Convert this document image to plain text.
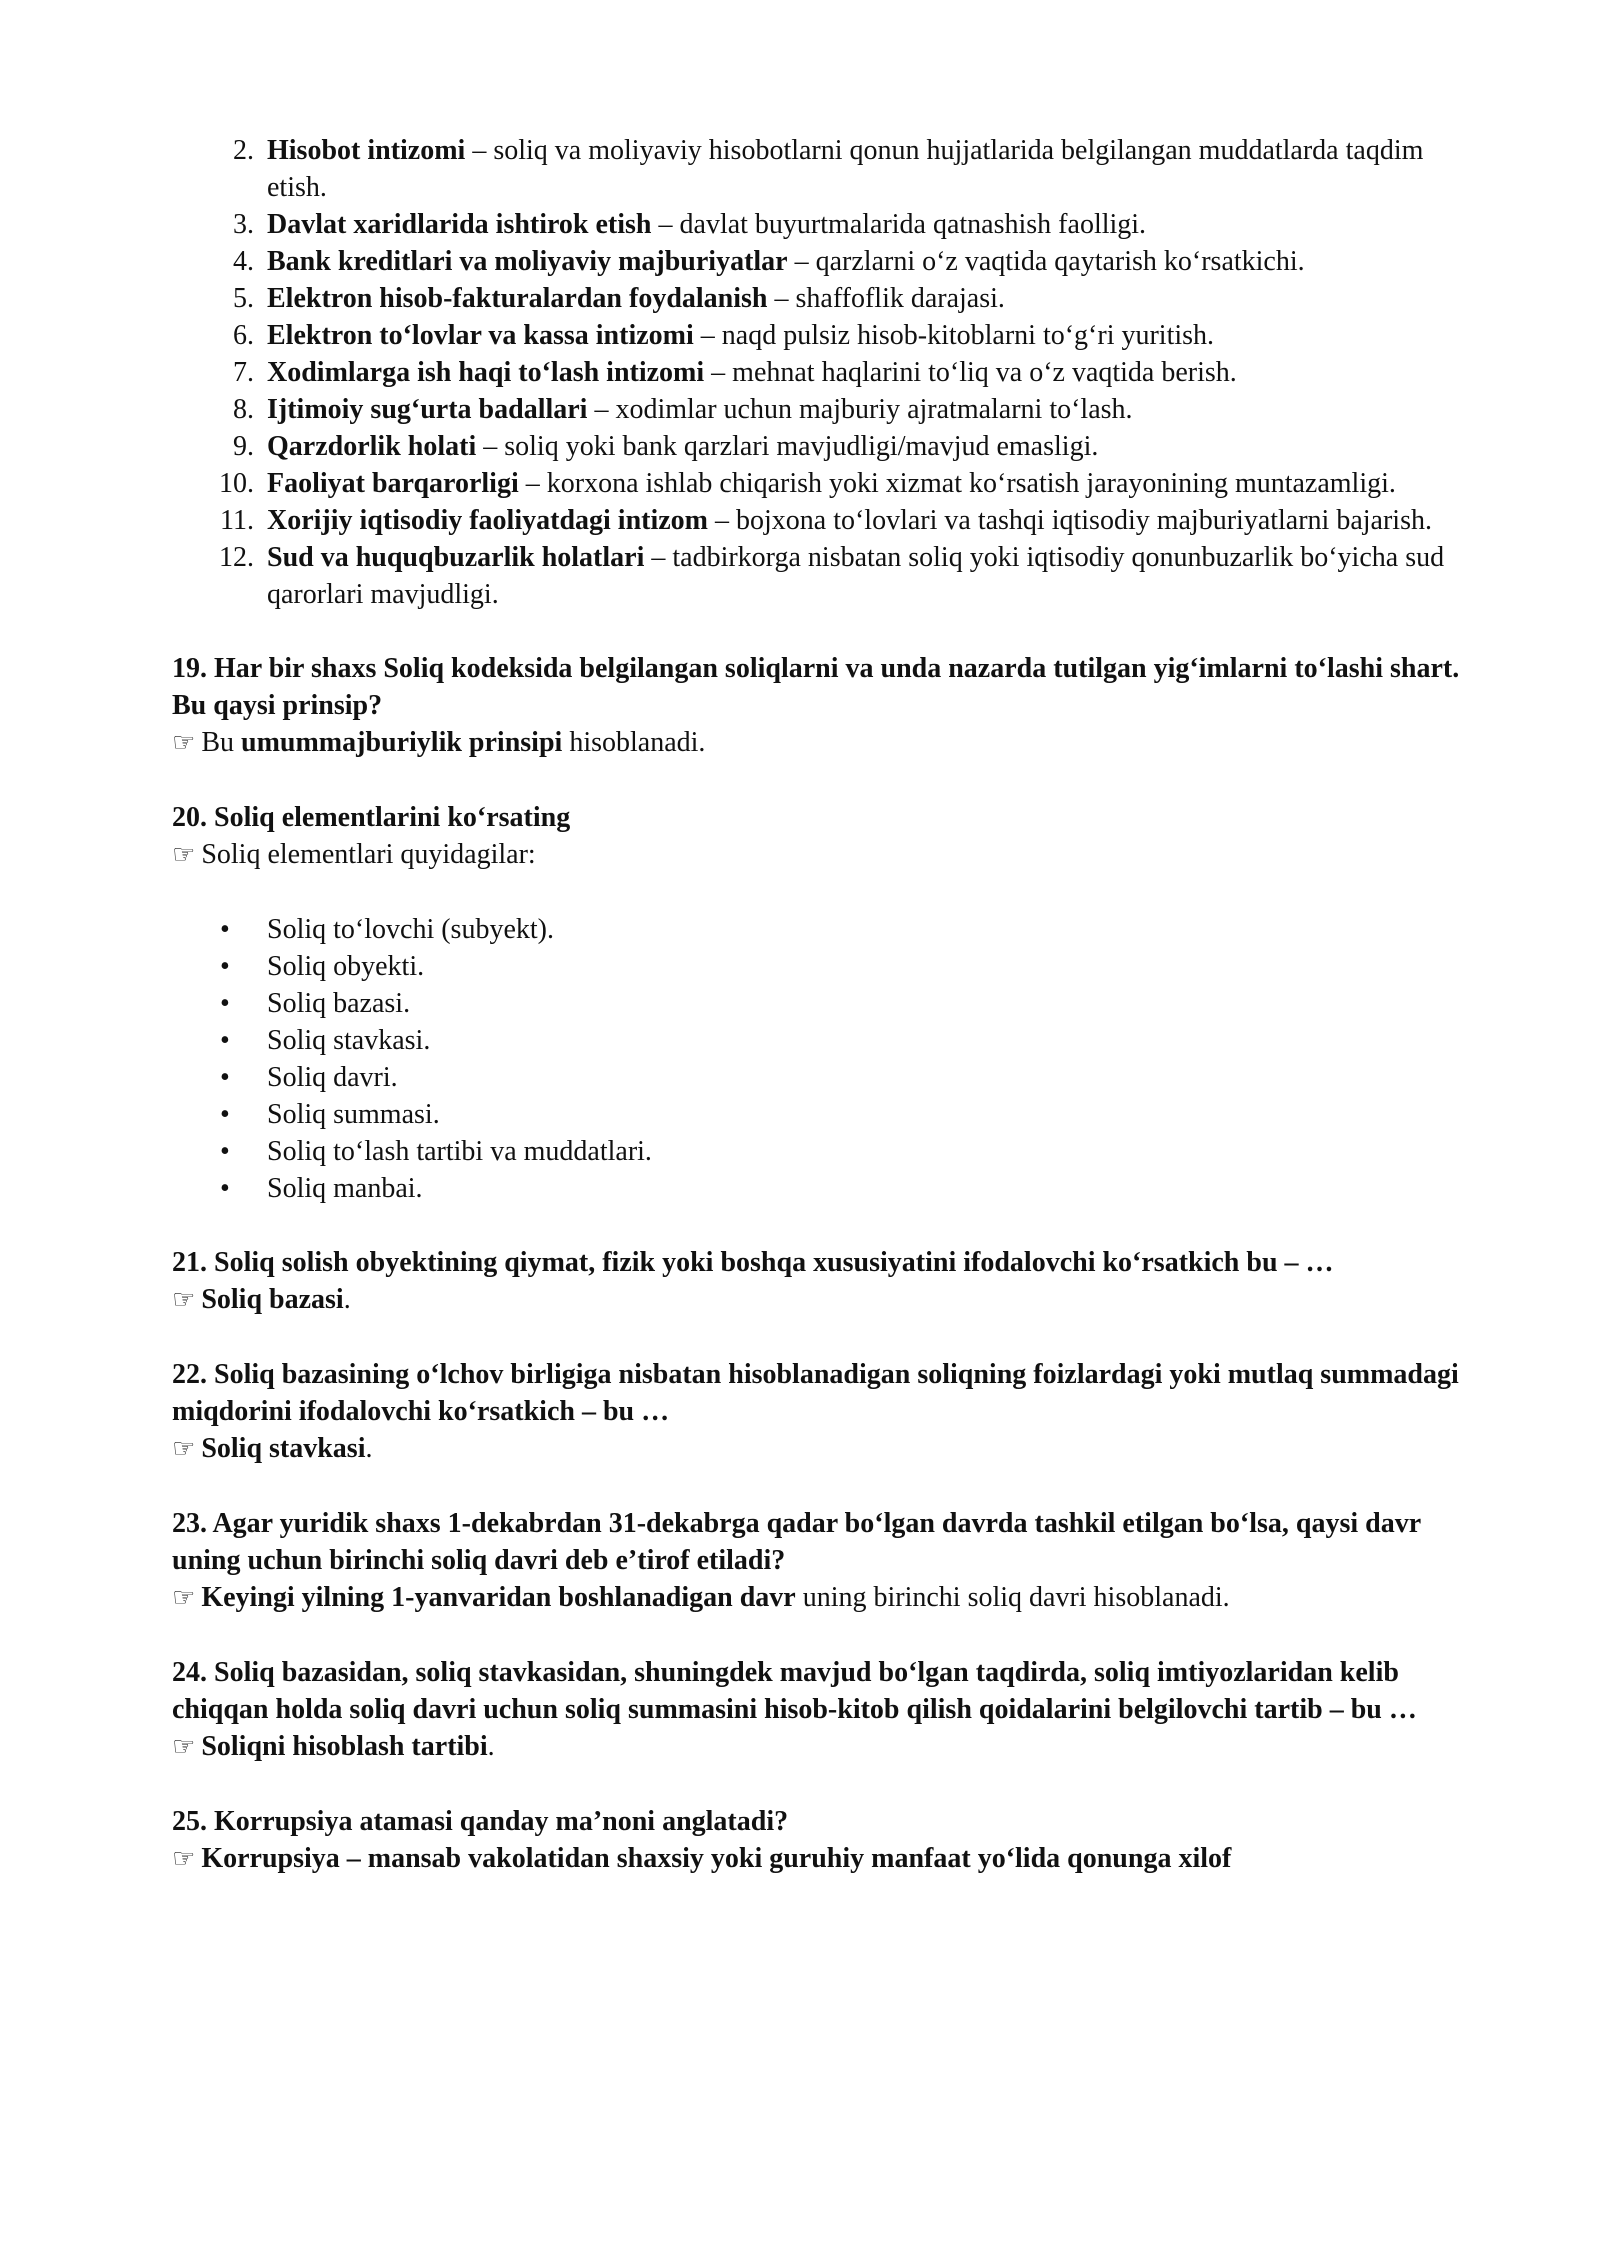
2. Hisobot intizomi – soliq va moliyaviy hisobotlarni qonun hujjatlarida belgilangan muddatlarda taqdim etish.
3. Davlat xaridlarida ishtirok etish – davlat buyurtmalarida qatnashish faolligi.
4. Bank kreditlari va moliyaviy majburiyatlar – qarzlarni oʻz vaqtida qaytarish koʻrsatkichi.
5. Elektron hisob-fakturalardan foydalanish – shaffoflik darajasi.
6. Elektron toʻlovlar va kassa intizomi – naqd pulsiz hisob-kitoblarni toʻgʻri yuritish.
7. Xodimlarga ish haqi toʻlash intizomi – mehnat haqlarini toʻliq va oʻz vaqtida berish.
8. Ijtimoiy sugʻurta badallari – xodimlar uchun majburiy ajratmalarni toʻlash.
9. Qarzdorlik holati – soliq yoki bank qarzlari mavjudligi/mavjud emasligi.
10. Faoliyat barqarorligi – korxona ishlab chiqarish yoki xizmat koʻrsatish jarayonining muntazamligi.
11. Xorijiy iqtisodiy faoliyatdagi intizom – bojxona toʻlovlari va tashqi iqtisodiy majburiyatlarni bajarish.
12. Sud va huquqbuzarlik holatlari – tadbirkorga nisbatan soliq yoki iqtisodiy qonunbuzarlik boʻyicha sud qarorlari mavjudligi.

19. Har bir shaxs Soliq kodeksida belgilangan soliqlarni va unda nazarda tutilgan yigʻimlarni toʻlashi shart. Bu qaysi prinsip?

☞ Bu umummajburiylik prinsipi hisoblanadi.

20. Soliq elementlarini koʻrsating

☞ Soliq elementlari quyidagilar:

• Soliq toʻlovchi (subyekt).
• Soliq obyekti.
• Soliq bazasi.
• Soliq stavkasi.
• Soliq davri.
• Soliq summasi.
• Soliq toʻlash tartibi va muddatlari.
• Soliq manbai.

21. Soliq solish obyektining qiymat, fizik yoki boshqa xususiyatini ifodalovchi koʻrsatkich bu – …

☞ Soliq bazasi.

22. Soliq bazasining oʻlchov birligiga nisbatan hisoblanadigan soliqning foizlardagi yoki mutlaq summadagi miqdorini ifodalovchi koʻrsatkich – bu …

☞ Soliq stavkasi.

23. Agar yuridik shaxs 1-dekabrdan 31-dekabrga qadar boʻlgan davrda tashkil etilgan boʻlsa, qaysi davr uning uchun birinchi soliq davri deb eʼtirof etiladi?

☞ Keyingi yilning 1-yanvaridan boshlanadigan davr uning birinchi soliq davri hisoblanadi.

24. Soliq bazasidan, soliq stavkasidan, shuningdek mavjud boʻlgan taqdirda, soliq imtiyozlaridan kelib chiqqan holda soliq davri uchun soliq summasini hisob-kitob qilish qoidalarini belgilovchi tartib – bu …

☞ Soliqni hisoblash tartibi.

25. Korrupsiya atamasi qanday maʼnoni anglatadi?

☞ Korrupsiya – mansab vakolatidan shaxsiy yoki guruhiy manfaat yoʻlida qonunga xilof
